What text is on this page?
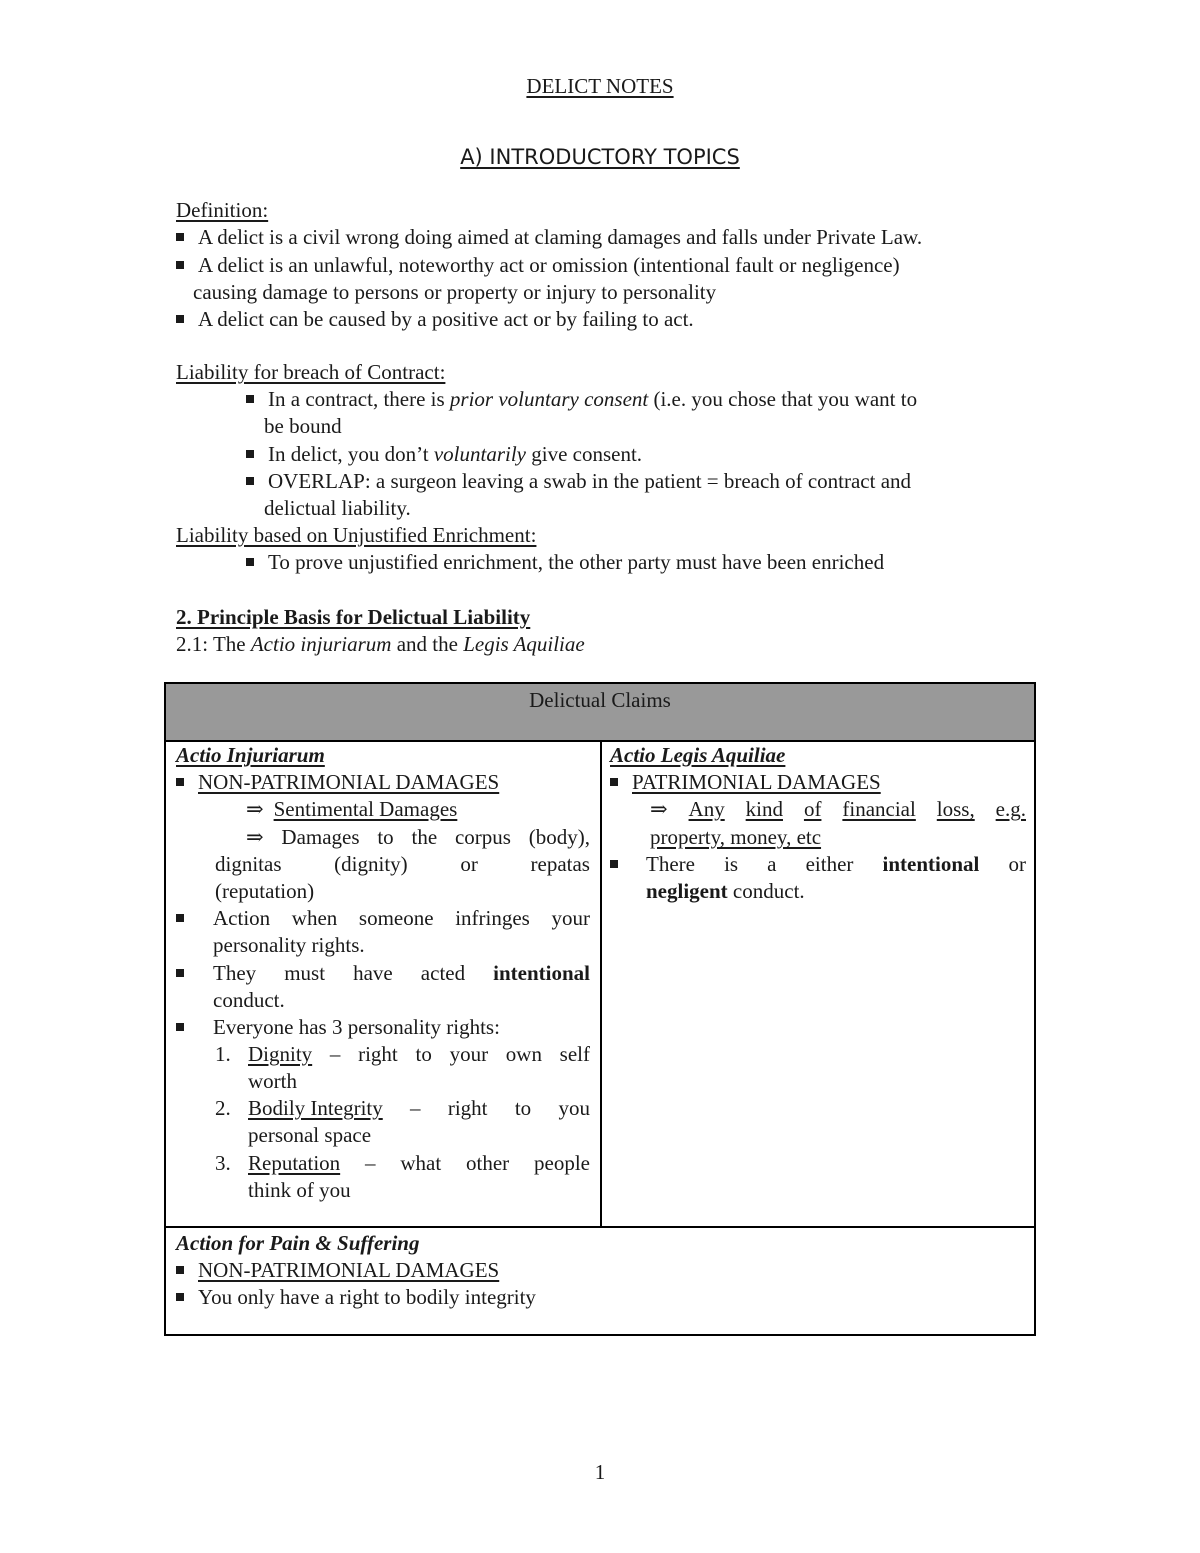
DELICT NOTES
A) INTRODUCTORY TOPICS
Definition:
A delict is a civil wrong doing aimed at claming damages and falls under Private Law.
A delict is an unlawful, noteworthy act or omission (intentional fault or negligence)
causing damage to persons or property or injury to personality
A delict can be caused by a positive act or by failing to act.
Liability for breach of Contract:
In a contract, there is prior voluntary consent (i.e. you chose that you want to
be bound
In delict, you don’t voluntarily give consent.
OVERLAP: a surgeon leaving a swab in the patient = breach of contract and
delictual liability.
Liability based on Unjustified Enrichment:
To prove unjustified enrichment, the other party must have been enriched
2. Principle Basis for Delictual Liability
2.1: The Actio injuriarum and the Legis Aquiliae
Delictual Claims
Actio Injuriarum
NON-PATRIMONIAL DAMAGES
⇒ Sentimental Damages
⇒ Damages to the corpus (body),
dignitas	(dignity)	or	repatas
(reputation)
Action when someone infringes your
personality rights.
They must have acted intentional
conduct.
Everyone has 3 personality rights:
1. Dignity – right to your own self
worth
2. Bodily Integrity – right to you
personal space
3. Reputation – what other people
think of you
Actio Legis Aquiliae
PATRIMONIAL DAMAGES
⇒ Any kind of financial loss, e.g.
property, money, etc
There is a either intentional or
negligent conduct.
Action for Pain & Suffering
NON-PATRIMONIAL DAMAGES
You only have a right to bodily integrity
1
